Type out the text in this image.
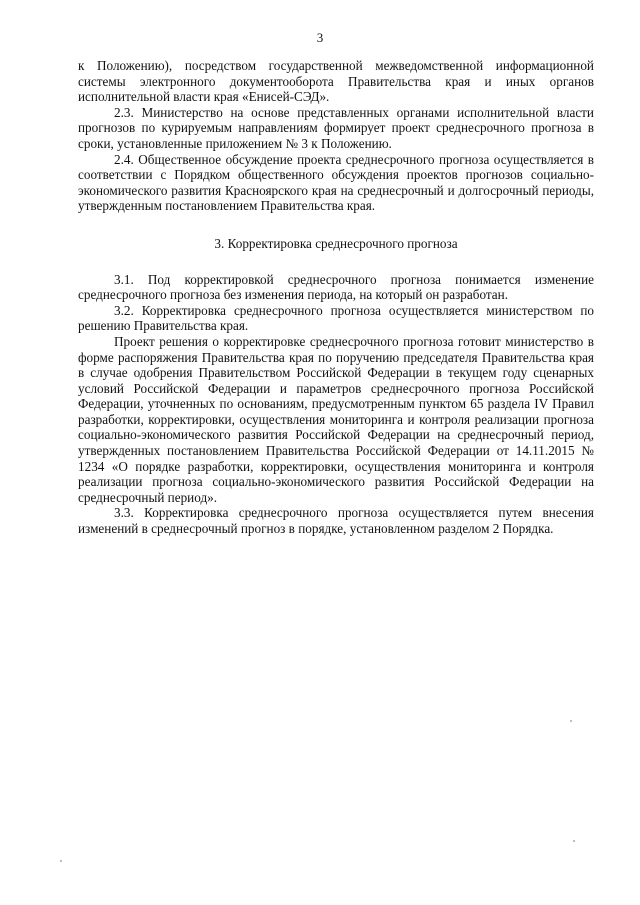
3

к Положению), посредством государственной межведомственной информационной системы электронного документооборота Правительства края и иных органов исполнительной власти края «Енисей-СЭД».

2.3. Министерство на основе представленных органами исполнительной власти прогнозов по курируемым направлениям формирует проект среднесрочного прогноза в сроки, установленные приложением № 3 к Положению.

2.4. Общественное обсуждение проекта среднесрочного прогноза осуществляется в соответствии с Порядком общественного обсуждения проектов прогнозов социально-экономического развития Красноярского края на среднесрочный и долгосрочный периоды, утвержденным постановлением Правительства края.

3. Корректировка среднесрочного прогноза

3.1. Под корректировкой среднесрочного прогноза понимается изменение среднесрочного прогноза без изменения периода, на который он разработан.

3.2. Корректировка среднесрочного прогноза осуществляется министерством по решению Правительства края.

Проект решения о корректировке среднесрочного прогноза готовит министерство в форме распоряжения Правительства края по поручению председателя Правительства края в случае одобрения Правительством Российской Федерации в текущем году сценарных условий Российской Федерации и параметров среднесрочного прогноза Российской Федерации, уточненных по основаниям, предусмотренным пунктом 65 раздела IV Правил разработки, корректировки, осуществления мониторинга и контроля реализации прогноза социально-экономического развития Российской Федерации на среднесрочный период, утвержденных постановлением Правительства Российской Федерации от 14.11.2015 № 1234 «О порядке разработки, корректировки, осуществления мониторинга и контроля реализации прогноза социально-экономического развития Российской Федерации на среднесрочный период».

3.3. Корректировка среднесрочного прогноза осуществляется путем внесения изменений в среднесрочный прогноз в порядке, установленном разделом 2 Порядка.
